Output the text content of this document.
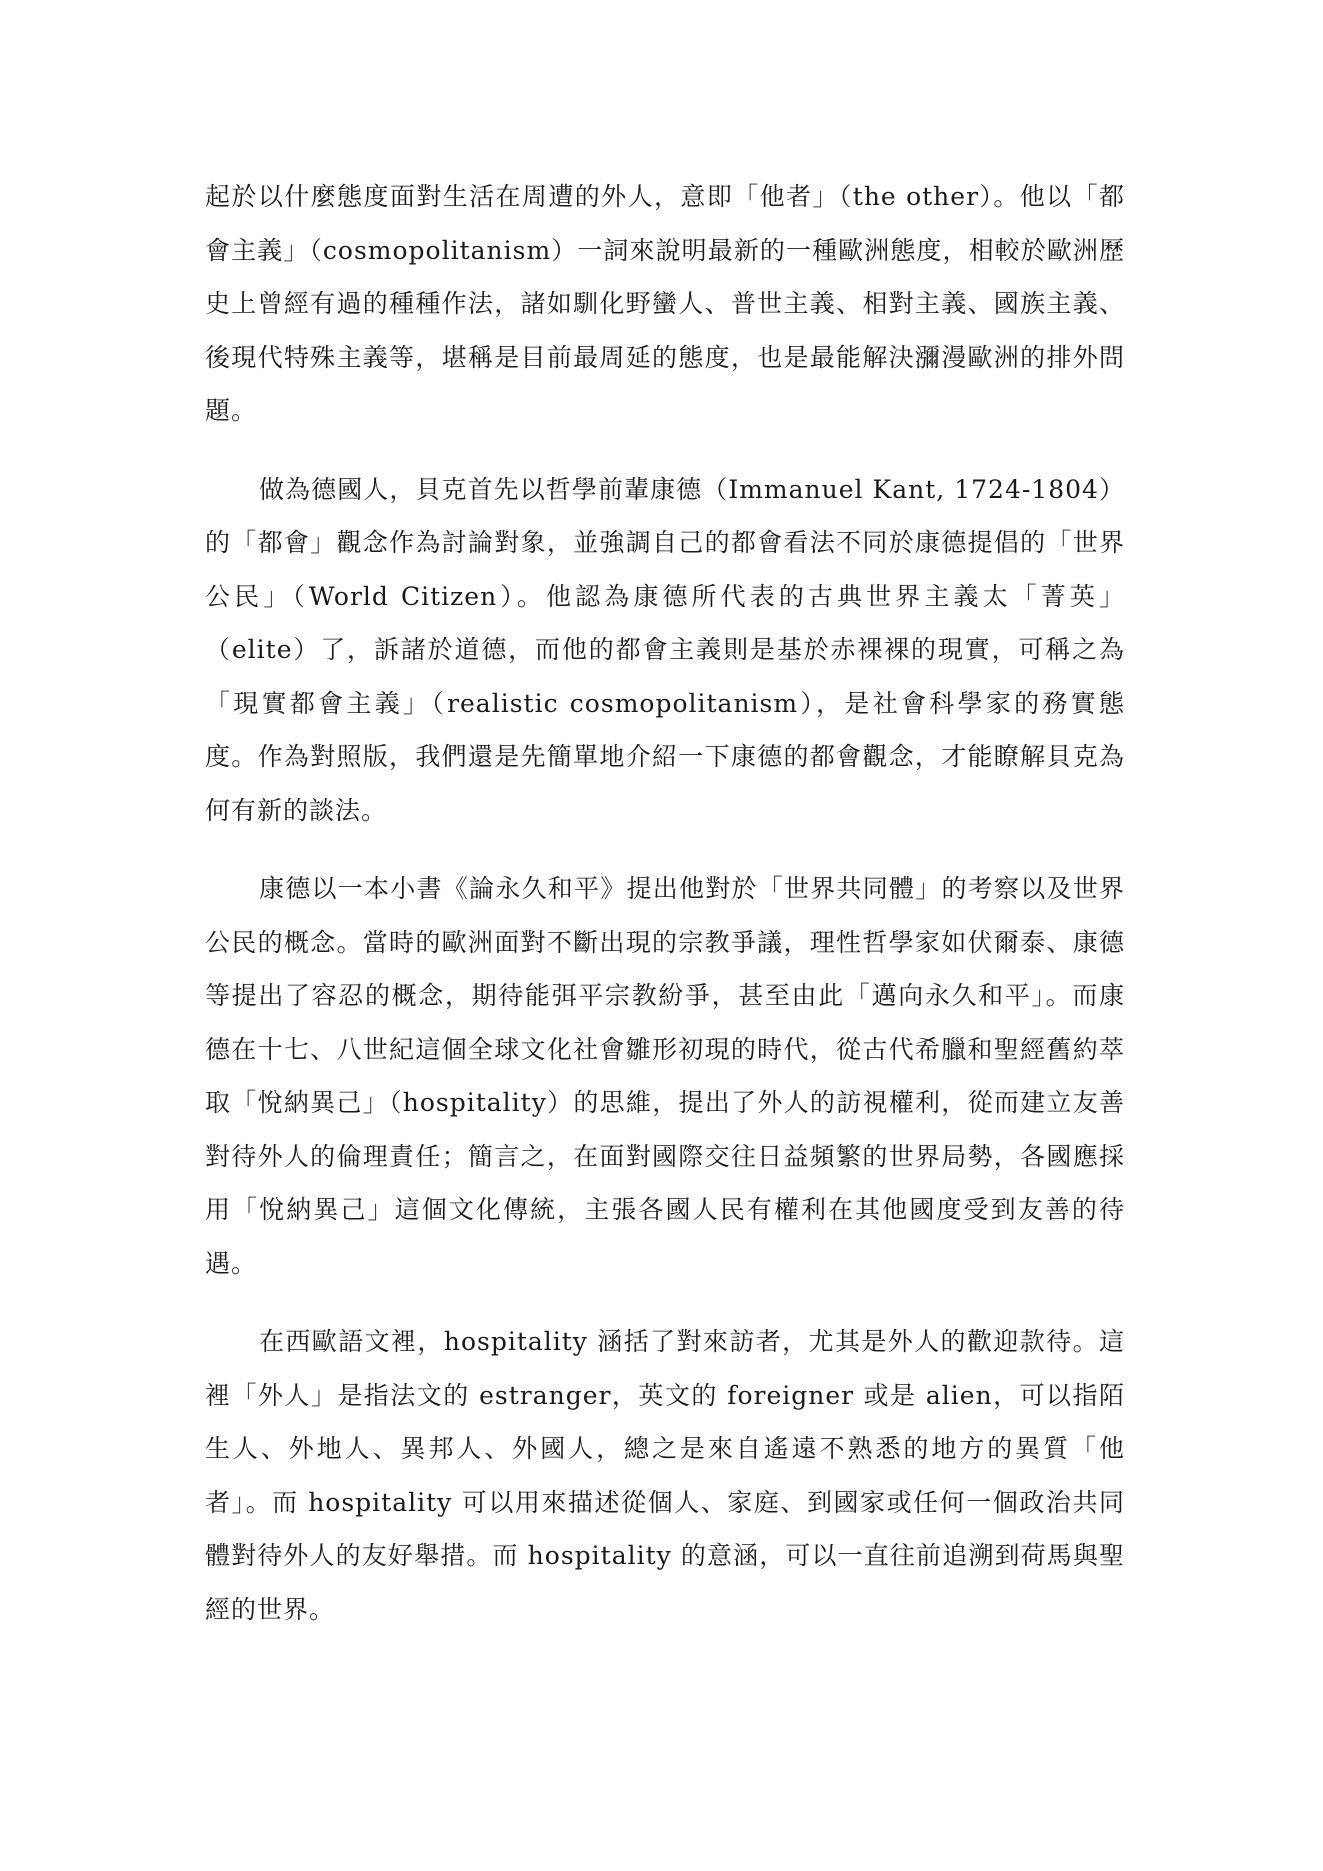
起於以什麼態度面對生活在周遭的外人，意即「他者」（the other）。他以「都會主義」（cosmopolitanism）一詞來說明最新的一種歐洲態度，相較於歐洲歷史上曾經有過的種種作法，諸如馴化野蠻人、普世主義、相對主義、國族主義、後現代特殊主義等，堪稱是目前最周延的態度，也是最能解決瀰漫歐洲的排外問題。

做為德國人，貝克首先以哲學前輩康德（Immanuel Kant, 1724-1804）的「都會」觀念作為討論對象，並強調自己的都會看法不同於康德提倡的「世界公民」（World Citizen）。他認為康德所代表的古典世界主義太「菁英」（elite）了，訴諸於道德，而他的都會主義則是基於赤裸裸的現實，可稱之為「現實都會主義」（realistic cosmopolitanism），是社會科學家的務實態度。作為對照版，我們還是先簡單地介紹一下康德的都會觀念，才能瞭解貝克為何有新的談法。

康德以一本小書《論永久和平》提出他對於「世界共同體」的考察以及世界公民的概念。當時的歐洲面對不斷出現的宗教爭議，理性哲學家如伏爾泰、康德等提出了容忍的概念，期待能弭平宗教紛爭，甚至由此「邁向永久和平」。而康德在十七、八世紀這個全球文化社會雛形初現的時代，從古代希臘和聖經舊約萃取「悅納異己」（hospitality）的思維，提出了外人的訪視權利，從而建立友善對待外人的倫理責任；簡言之，在面對國際交往日益頻繁的世界局勢，各國應採用「悅納異己」這個文化傳統，主張各國人民有權利在其他國度受到友善的待遇。

在西歐語文裡，hospitality 涵括了對來訪者，尤其是外人的歡迎款待。這裡「外人」是指法文的 estranger，英文的 foreigner 或是 alien，可以指陌生人、外地人、異邦人、外國人，總之是來自遙遠不熟悉的地方的異質「他者」。而 hospitality 可以用來描述從個人、家庭、到國家或任何一個政治共同體對待外人的友好舉措。而 hospitality 的意涵，可以一直往前追溯到荷馬與聖經的世界。
